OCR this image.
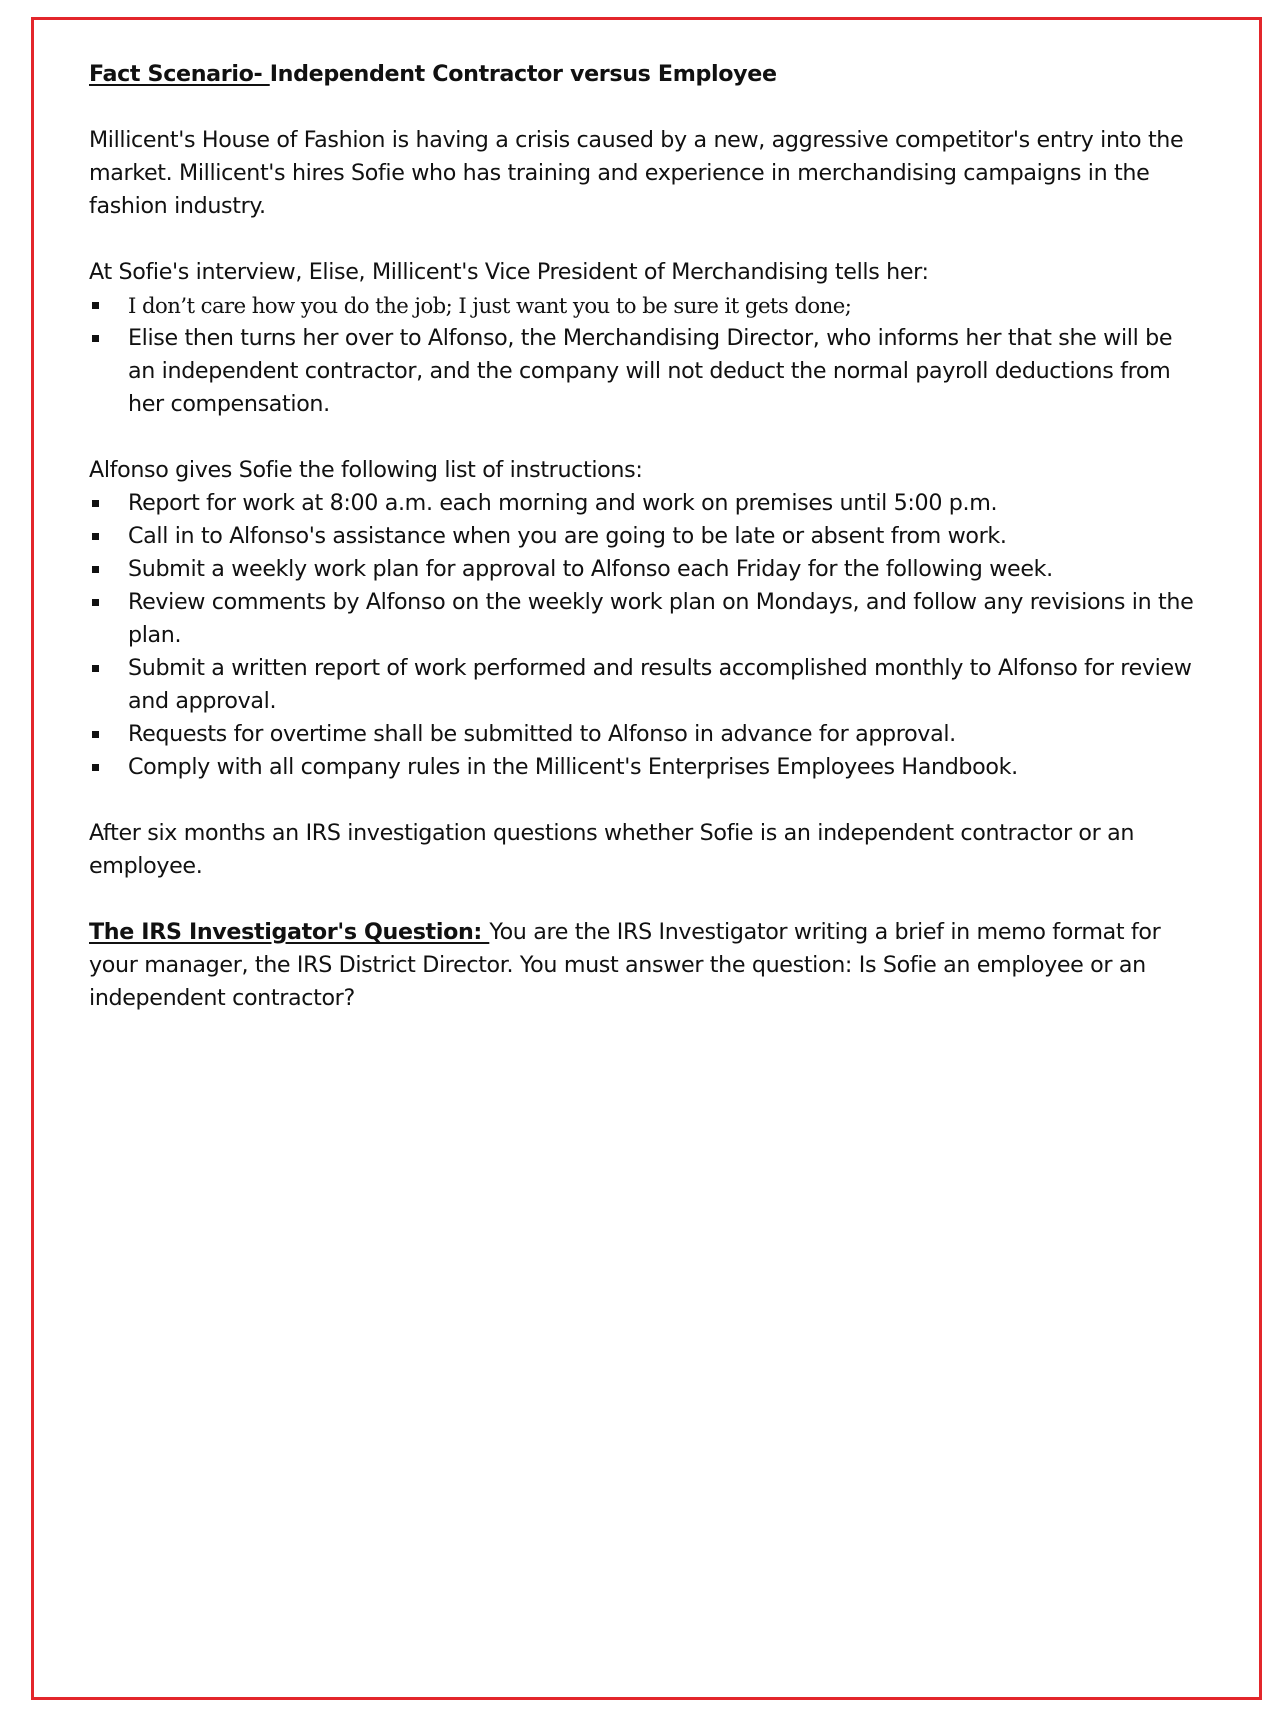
Fact Scenario- Independent Contractor versus Employee

Millicent's House of Fashion is having a crisis caused by a new, aggressive competitor's entry into the market. Millicent's hires Sofie who has training and experience in merchandising campaigns in the fashion industry.

At Sofie's interview, Elise, Millicent's Vice President of Merchandising tells her:

I don’t care how you do the job; I just want you to be sure it gets done;
Elise then turns her over to Alfonso, the Merchandising Director, who informs her that she will be an independent contractor, and the company will not deduct the normal payroll deductions from her compensation.

Alfonso gives Sofie the following list of instructions:

Report for work at 8:00 a.m. each morning and work on premises until 5:00 p.m.
Call in to Alfonso's assistance when you are going to be late or absent from work.
Submit a weekly work plan for approval to Alfonso each Friday for the following week.
Review comments by Alfonso on the weekly work plan on Mondays, and follow any revisions in the plan.
Submit a written report of work performed and results accomplished monthly to Alfonso for review and approval.
Requests for overtime shall be submitted to Alfonso in advance for approval.
Comply with all company rules in the Millicent's Enterprises Employees Handbook.

After six months an IRS investigation questions whether Sofie is an independent contractor or an employee.

The IRS Investigator's Question: You are the IRS Investigator writing a brief in memo format for your manager, the IRS District Director. You must answer the question: Is Sofie an employee or an independent contractor?
